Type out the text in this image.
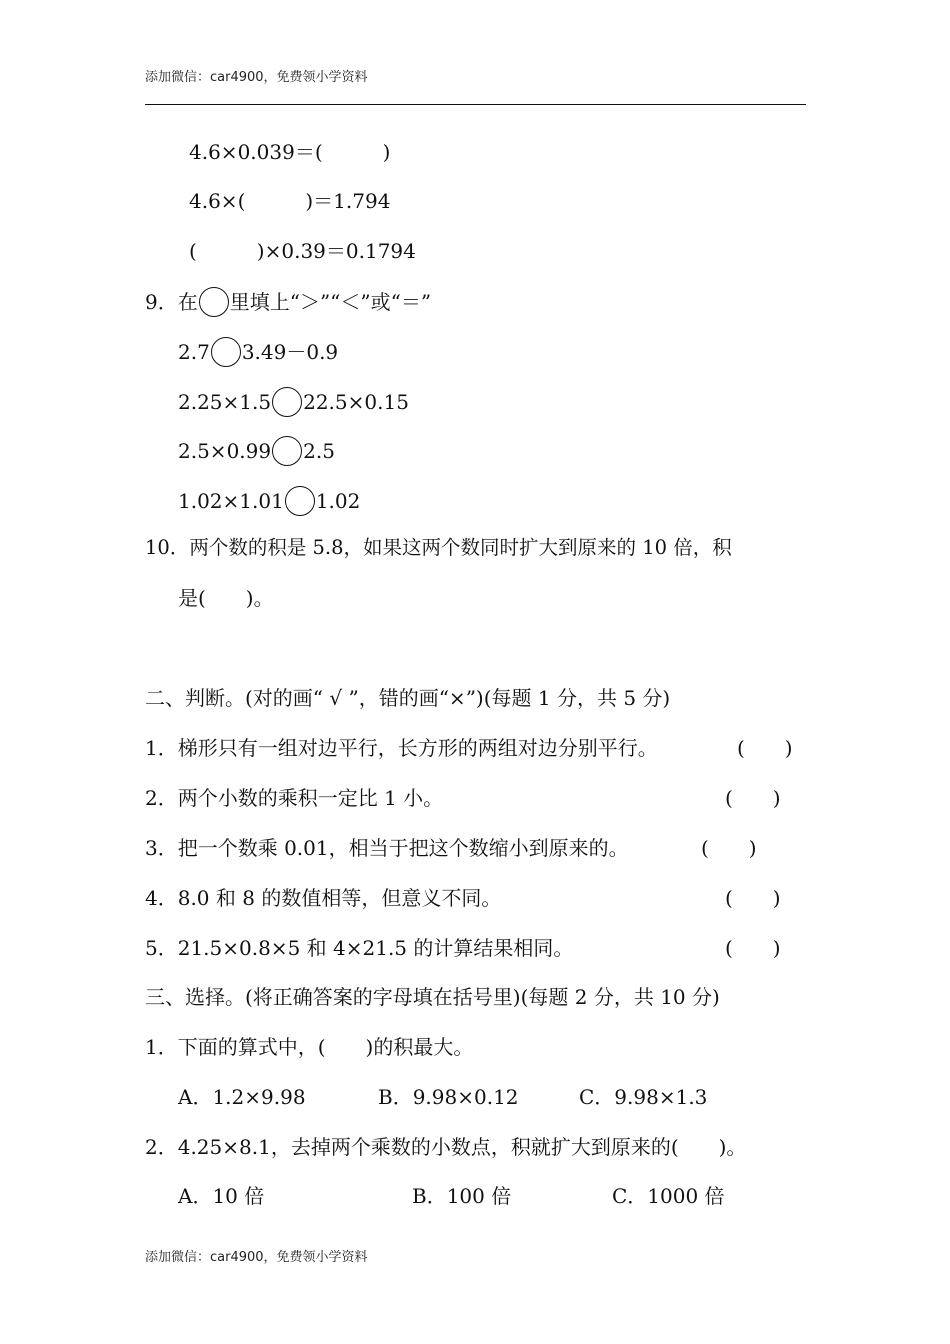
添加微信：car4900，免费领小学资料
4.6×0.039＝(　　　)
4.6×(　　　)＝1.794
(　　　)×0.39＝0.1794
9．在 里填上“＞”“＜”或“＝”
2.7 3.49－0.9
2.25×1.5 22.5×0.15
2.5×0.99 2.5
1.02×1.01 1.02
10．两个数的积是 5.8，如果这两个数同时扩大到原来的 10 倍，积
是(　　)。
二、判断。(对的画“ √ ”，错的画“×”)(每题 1 分，共 5 分)
1．梯形只有一组对边平行，长方形的两组对边分别平行。	(　　)
2．两个小数的乘积一定比 1 小。	(　　)
3．把一个数乘 0.01，相当于把这个数缩小到原来的。	(　　)
4．8.0 和 8 的数值相等，但意义不同。	(　　)
5．21.5×0.8×5 和 4×21.5 的计算结果相同。	(　　)
三、选择。(将正确答案的字母填在括号里)(每题 2 分，共 10 分)
1．下面的算式中，(　　)的积最大。
A．1.2×9.98	B．9.98×0.12	C．9.98×1.3
2．4.25×8.1，去掉两个乘数的小数点，积就扩大到原来的(　　)。
A．10 倍	B．100 倍	C．1000 倍
添加微信：car4900，免费领小学资料
